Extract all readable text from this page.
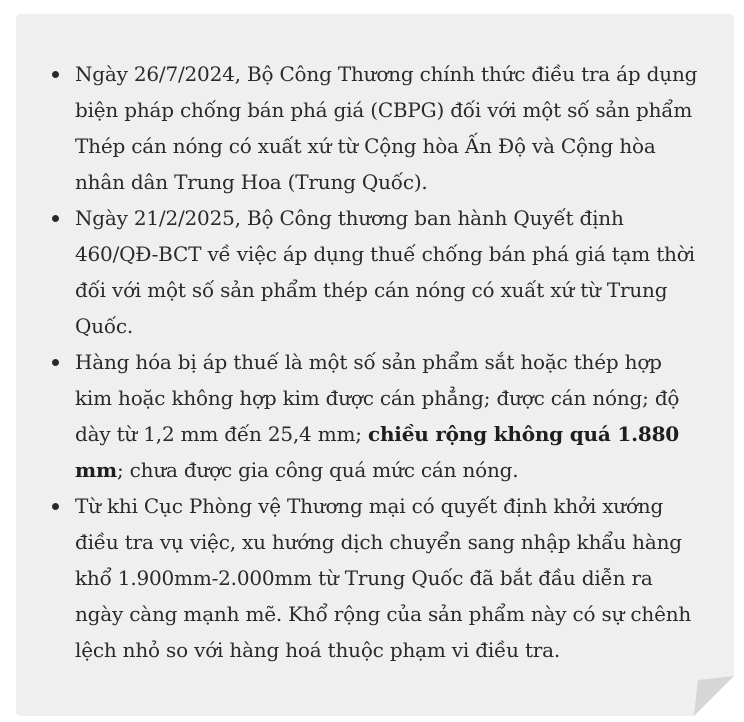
Ngày 26/7/2024, Bộ Công Thương chính thức điều tra áp dụng biện pháp chống bán phá giá (CBPG) đối với một số sản phẩm Thép cán nóng có xuất xứ từ Cộng hòa Ấn Độ và Cộng hòa nhân dân Trung Hoa (Trung Quốc).
Ngày 21/2/2025, Bộ Công thương ban hành Quyết định 460/QĐ-BCT về việc áp dụng thuế chống bán phá giá tạm thời đối với một số sản phẩm thép cán nóng có xuất xứ từ Trung Quốc.
Hàng hóa bị áp thuế là một số sản phẩm sắt hoặc thép hợp kim hoặc không hợp kim được cán phẳng; được cán nóng; độ dày từ 1,2 mm đến 25,4 mm; chiều rộng không quá 1.880 mm; chưa được gia công quá mức cán nóng.
Từ khi Cục Phòng vệ Thương mại có quyết định khởi xướng điều tra vụ việc, xu hướng dịch chuyển sang nhập khẩu hàng khổ 1.900mm-2.000mm từ Trung Quốc đã bắt đầu diễn ra ngày càng mạnh mẽ. Khổ rộng của sản phẩm này có sự chênh lệch nhỏ so với hàng hoá thuộc phạm vi điều tra.
